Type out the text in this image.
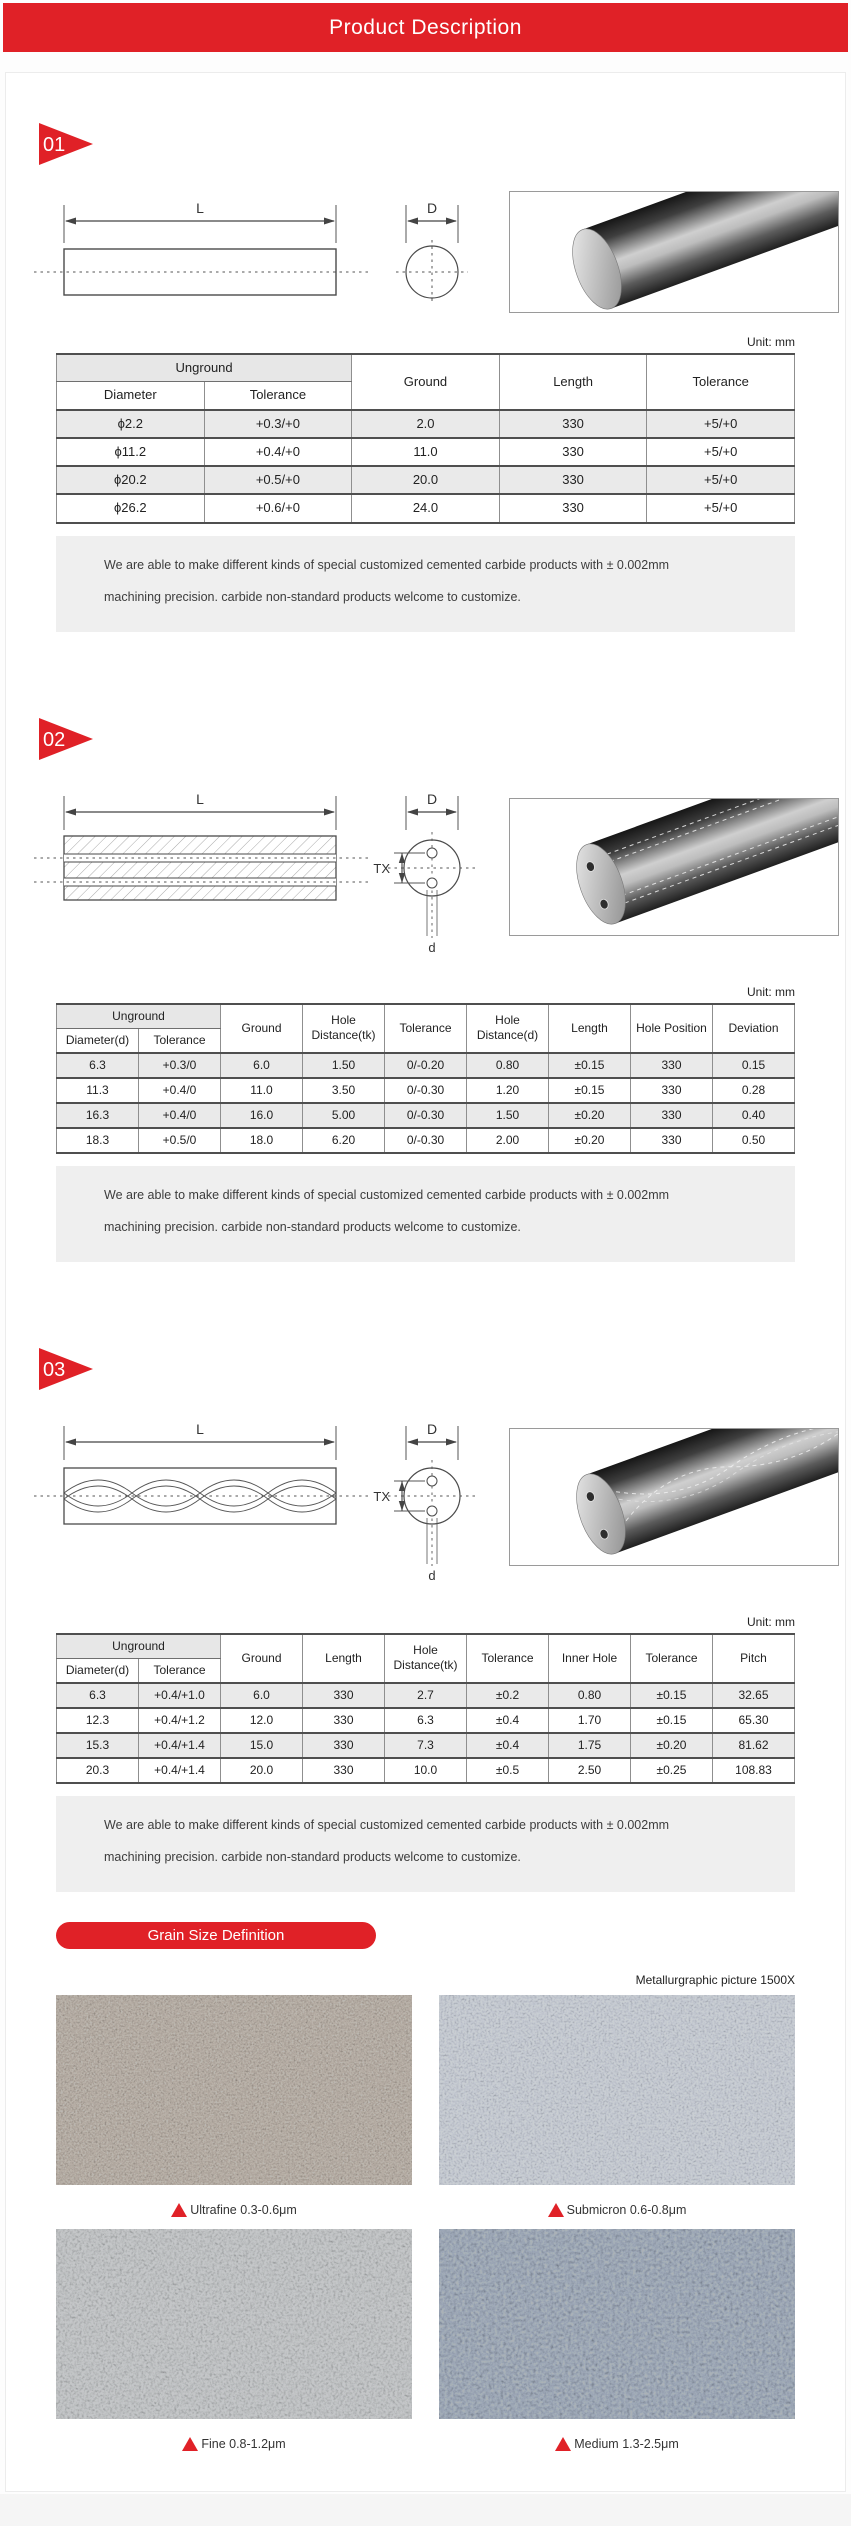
Product Description
01
L	D
Unit: mm
Unground		Ground	Length	Tolerance
Diameter	Tolerance			
ϕ2.2	+0.3/+0	2.0	330	+5/+0
ϕ11.2	+0.4/+0	11.0	330	+5/+0
ϕ20.2	+0.5/+0	20.0	330	+5/+0
ϕ26.2	+0.6/+0	24.0	330	+5/+0

We are able to make different kinds of special customized cemented carbide products with ± 0.002mm

machining precision. carbide non-standard products welcome to customize.

02
L	D
TX
d
Unit: mm
Unground		Ground	Hole Distance(tk)	Tolerance	Hole Distance(d)	Length	Hole Position	Deviation
Diameter(d)	Tolerance							
6.3	+0.3/0	6.0	1.50	0/-0.20	0.80	±0.15	330	0.15
11.3	+0.4/0	11.0	3.50	0/-0.30	1.20	±0.15	330	0.28
16.3	+0.4/0	16.0	5.00	0/-0.30	1.50	±0.20	330	0.40
18.3	+0.5/0	18.0	6.20	0/-0.30	2.00	±0.20	330	0.50

We are able to make different kinds of special customized cemented carbide products with ± 0.002mm

machining precision. carbide non-standard products welcome to customize.

03
L	D
TX
d
Unit: mm
Unground		Ground	Length	Hole Distance(tk)	Tolerance	Inner Hole	Tolerance	Pitch
Diameter(d)	Tolerance							
6.3	+0.4/+1.0	6.0	330	2.7	±0.2	0.80	±0.15	32.65
12.3	+0.4/+1.2	12.0	330	6.3	±0.4	1.70	±0.15	65.30
15.3	+0.4/+1.4	15.0	330	7.3	±0.4	1.75	±0.20	81.62
20.3	+0.4/+1.4	20.0	330	10.0	±0.5	2.50	±0.25	108.83

We are able to make different kinds of special customized cemented carbide products with ± 0.002mm

machining precision. carbide non-standard products welcome to customize.

Grain Size Definition
Metallurgraphic picture 1500X
Ultrafine 0.3-0.6μm	Submicron 0.6-0.8μm
Fine 0.8-1.2μm	Medium 1.3-2.5μm
